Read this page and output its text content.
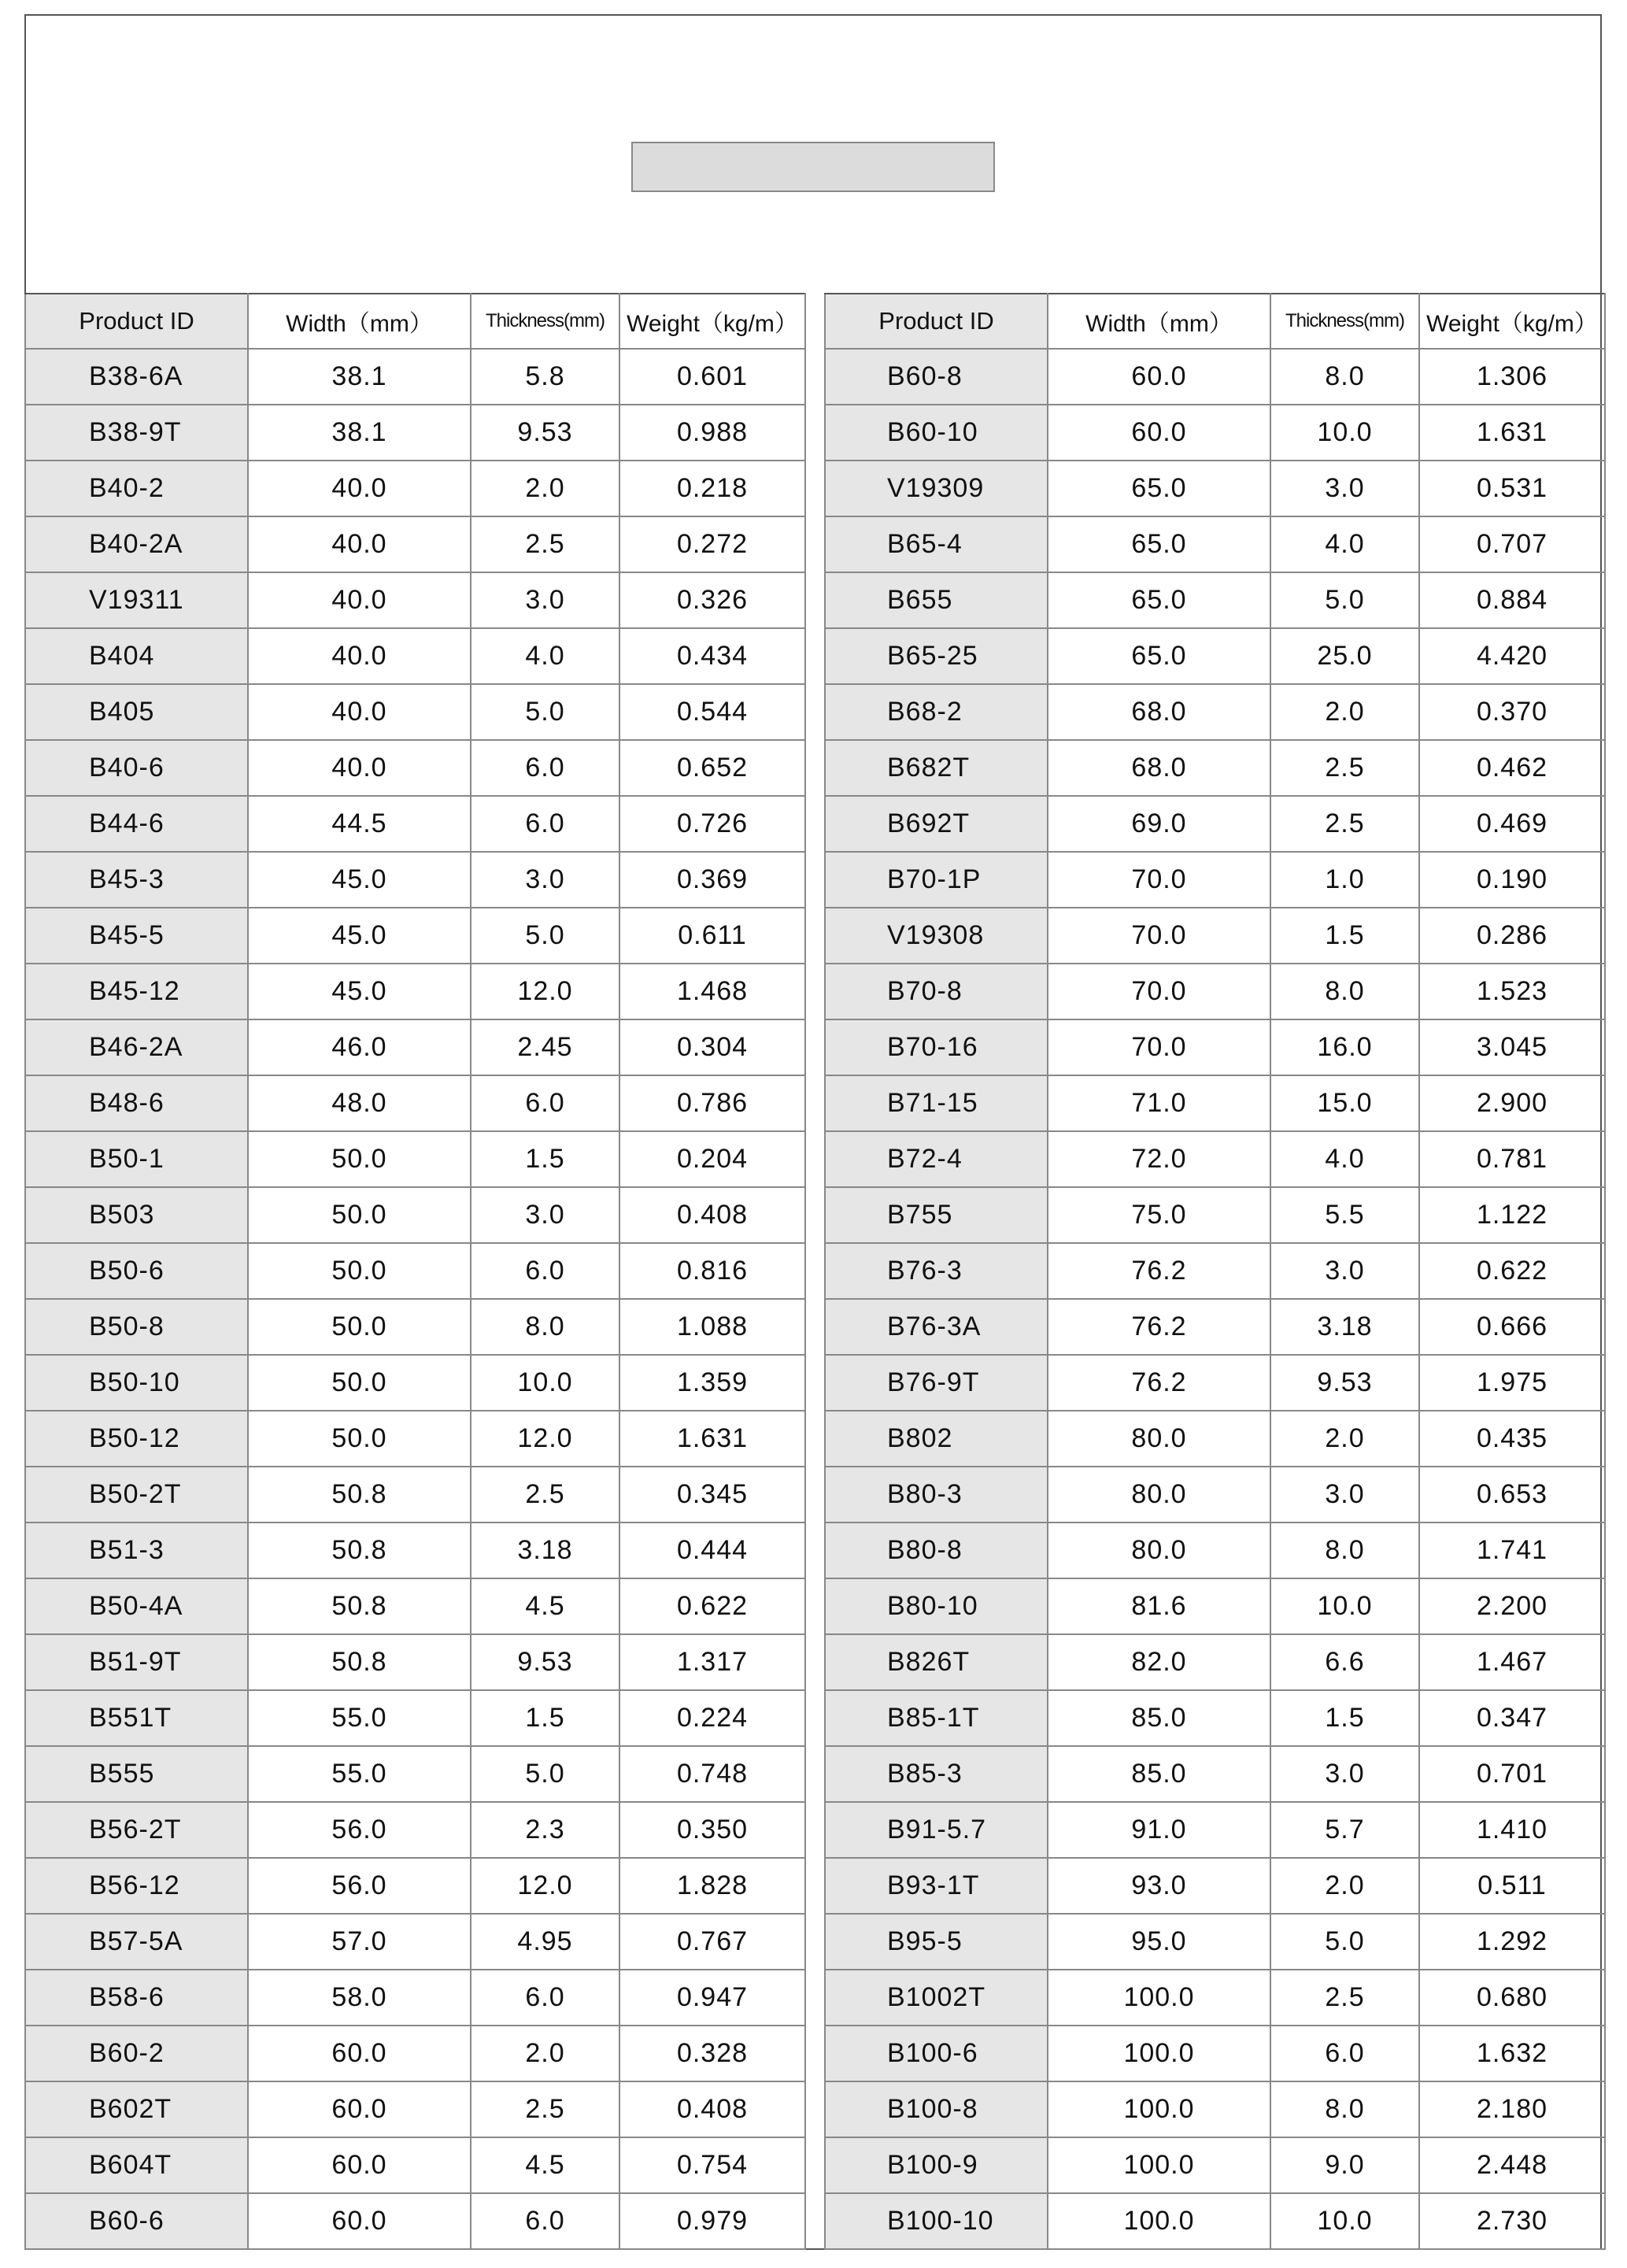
Product ID	Width（mm）	Thickness(mm)	Weight（kg/m）
B38-6A	38.1	5.8	0.601
B38-9T	38.1	9.53	0.988
B40-2	40.0	2.0	0.218
B40-2A	40.0	2.5	0.272
V19311	40.0	3.0	0.326
B404	40.0	4.0	0.434
B405	40.0	5.0	0.544
B40-6	40.0	6.0	0.652
B44-6	44.5	6.0	0.726
B45-3	45.0	3.0	0.369
B45-5	45.0	5.0	0.611
B45-12	45.0	12.0	1.468
B46-2A	46.0	2.45	0.304
B48-6	48.0	6.0	0.786
B50-1	50.0	1.5	0.204
B503	50.0	3.0	0.408
B50-6	50.0	6.0	0.816
B50-8	50.0	8.0	1.088
B50-10	50.0	10.0	1.359
B50-12	50.0	12.0	1.631
B50-2T	50.8	2.5	0.345
B51-3	50.8	3.18	0.444
B50-4A	50.8	4.5	0.622
B51-9T	50.8	9.53	1.317
B551T	55.0	1.5	0.224
B555	55.0	5.0	0.748
B56-2T	56.0	2.3	0.350
B56-12	56.0	12.0	1.828
B57-5A	57.0	4.95	0.767
B58-6	58.0	6.0	0.947
B60-2	60.0	2.0	0.328
B602T	60.0	2.5	0.408
B604T	60.0	4.5	0.754
B60-6	60.0	6.0	0.979
Product ID	Width（mm）	Thickness(mm)	Weight（kg/m）
B60-8	60.0	8.0	1.306
B60-10	60.0	10.0	1.631
V19309	65.0	3.0	0.531
B65-4	65.0	4.0	0.707
B655	65.0	5.0	0.884
B65-25	65.0	25.0	4.420
B68-2	68.0	2.0	0.370
B682T	68.0	2.5	0.462
B692T	69.0	2.5	0.469
B70-1P	70.0	1.0	0.190
V19308	70.0	1.5	0.286
B70-8	70.0	8.0	1.523
B70-16	70.0	16.0	3.045
B71-15	71.0	15.0	2.900
B72-4	72.0	4.0	0.781
B755	75.0	5.5	1.122
B76-3	76.2	3.0	0.622
B76-3A	76.2	3.18	0.666
B76-9T	76.2	9.53	1.975
B802	80.0	2.0	0.435
B80-3	80.0	3.0	0.653
B80-8	80.0	8.0	1.741
B80-10	81.6	10.0	2.200
B826T	82.0	6.6	1.467
B85-1T	85.0	1.5	0.347
B85-3	85.0	3.0	0.701
B91-5.7	91.0	5.7	1.410
B93-1T	93.0	2.0	0.511
B95-5	95.0	5.0	1.292
B1002T	100.0	2.5	0.680
B100-6	100.0	6.0	1.632
B100-8	100.0	8.0	2.180
B100-9	100.0	9.0	2.448
B100-10	100.0	10.0	2.730
